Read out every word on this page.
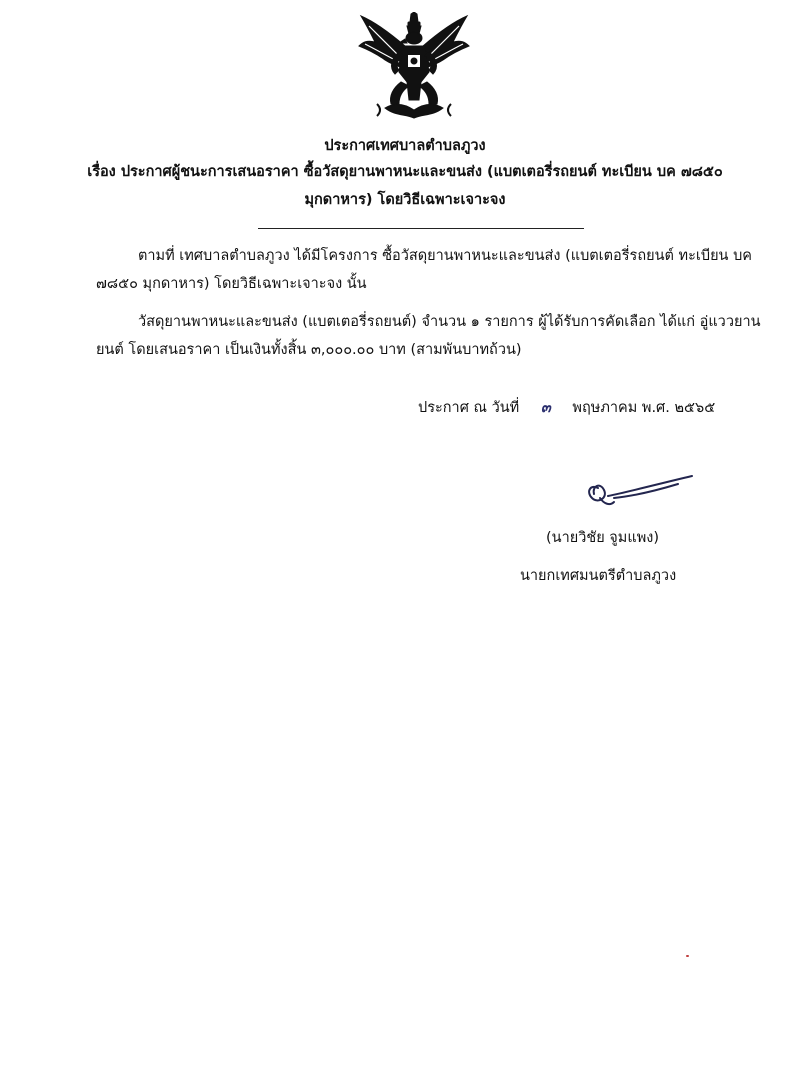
ประกาศเทศบาลตำบลภูวง
เรื่อง ประกาศผู้ชนะการเสนอราคา ซื้อวัสดุยานพาหนะและขนส่ง (แบตเตอรี่รถยนต์ ทะเบียน บค ๗๘๕๐
มุกดาหาร) โดยวิธีเฉพาะเจาะจง
ตามที่ เทศบาลตำบลภูวง ได้มีโครงการ ซื้อวัสดุยานพาหนะและขนส่ง (แบตเตอรี่รถยนต์ ทะเบียน บค
๗๘๕๐ มุกดาหาร) โดยวิธีเฉพาะเจาะจง นั้น
วัสดุยานพาหนะและขนส่ง (แบตเตอรี่รถยนต์) จำนวน ๑ รายการ ผู้ได้รับการคัดเลือก ได้แก่ อู่แววยาน
ยนต์ โดยเสนอราคา เป็นเงินทั้งสิ้น ๓,๐๐๐.๐๐ บาท (สามพันบาทถ้วน)
ประกาศ ณ วันที่ ๓ พฤษภาคม พ.ศ. ๒๕๖๕
(นายวิชัย จูมแพง)
นายกเทศมนตรีตำบลภูวง
